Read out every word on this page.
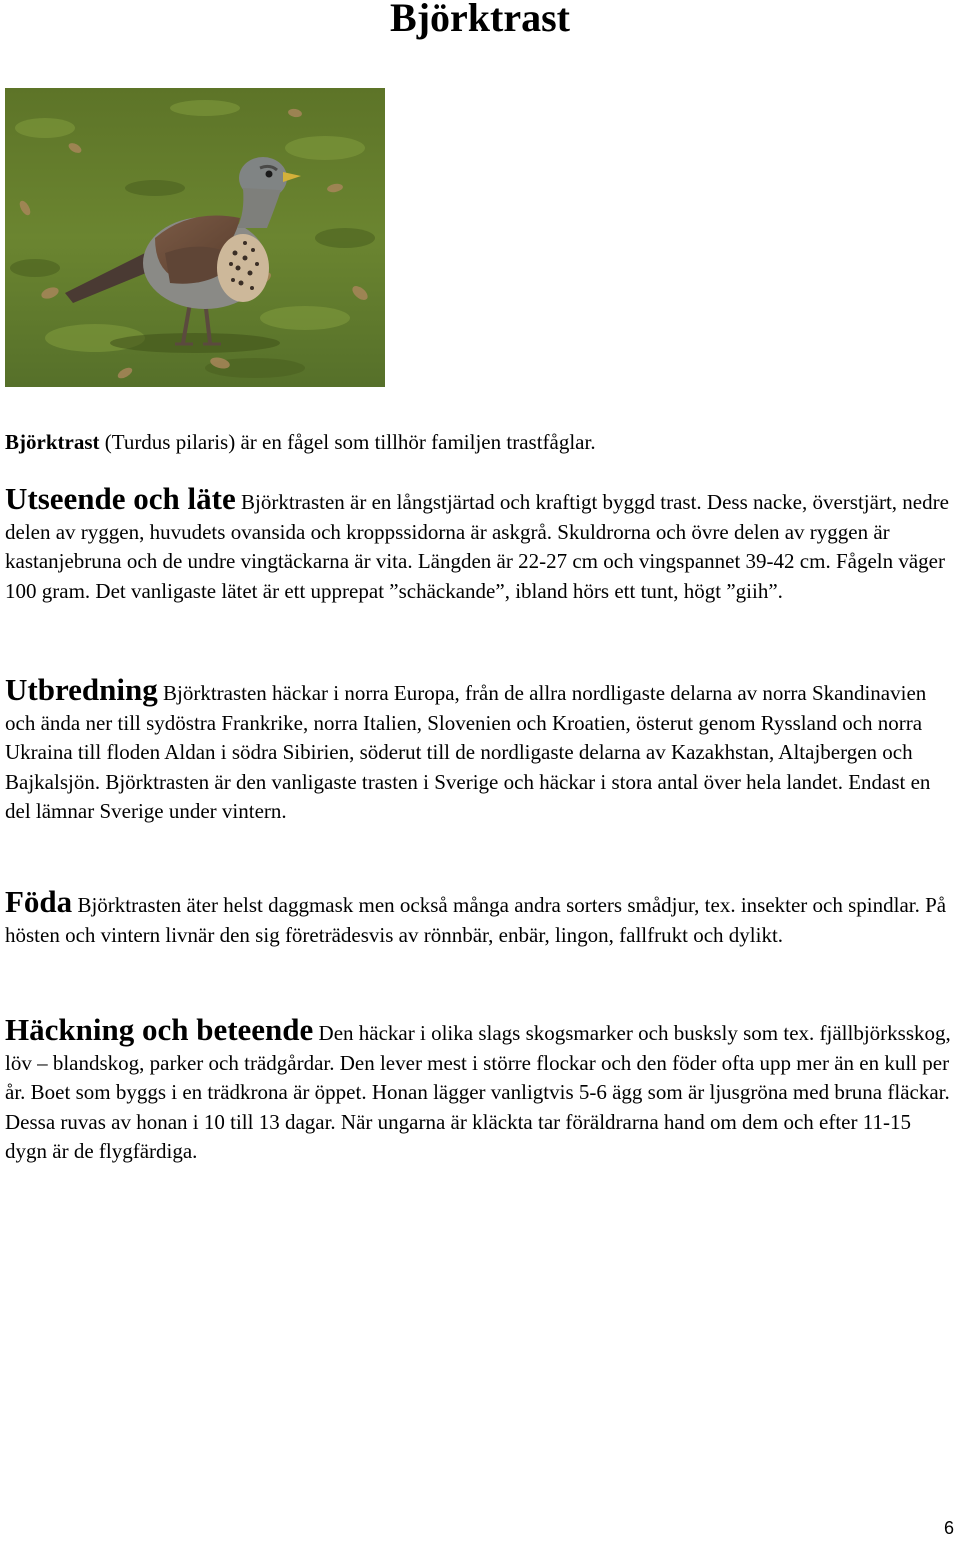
Björktrast

Björktrast (Turdus pilaris) är en fågel som tillhör familjen trastfåglar.

Utseende och läte Björktrasten är en långstjärtad och kraftigt byggd trast. Dess nacke, överstjärt, nedre delen av ryggen, huvudets ovansida och kroppssidorna är askgrå. Skuldrorna och övre delen av ryggen är kastanjebruna och de undre vingtäckarna är vita. Längden är 22-27 cm och vingspannet 39-42 cm. Fågeln väger 100 gram. Det vanligaste lätet är ett upprepat ”schäckande”, ibland hörs ett tunt, högt ”giih”.

Utbredning Björktrasten häckar i norra Europa, från de allra nordligaste delarna av norra Skandinavien och ända ner till sydöstra Frankrike, norra Italien, Slovenien och Kroatien, österut genom Ryssland och norra Ukraina till floden Aldan i södra Sibirien, söderut till de nordligaste delarna av Kazakhstan, Altajbergen och Bajkalsjön. Björktrasten är den vanligaste trasten i Sverige och häckar i stora antal över hela landet. Endast en del lämnar Sverige under vintern.

Föda Björktrasten äter helst daggmask men också många andra sorters smådjur, tex. insekter och spindlar. På hösten och vintern livnär den sig företrädesvis av rönnbär, enbär, lingon, fallfrukt och dylikt.

Häckning och beteende Den häckar i olika slags skogsmarker och busksly som tex. fjällbjörksskog, löv – blandskog, parker och trädgårdar. Den lever mest i större flockar och den föder ofta upp mer än en kull per år. Boet som byggs i en trädkrona är öppet. Honan lägger vanligtvis 5-6 ägg som är ljusgröna med bruna fläckar. Dessa ruvas av honan i 10 till 13 dagar. När ungarna är kläckta tar föräldrarna hand om dem och efter 11-15 dygn är de flygfärdiga.

6
